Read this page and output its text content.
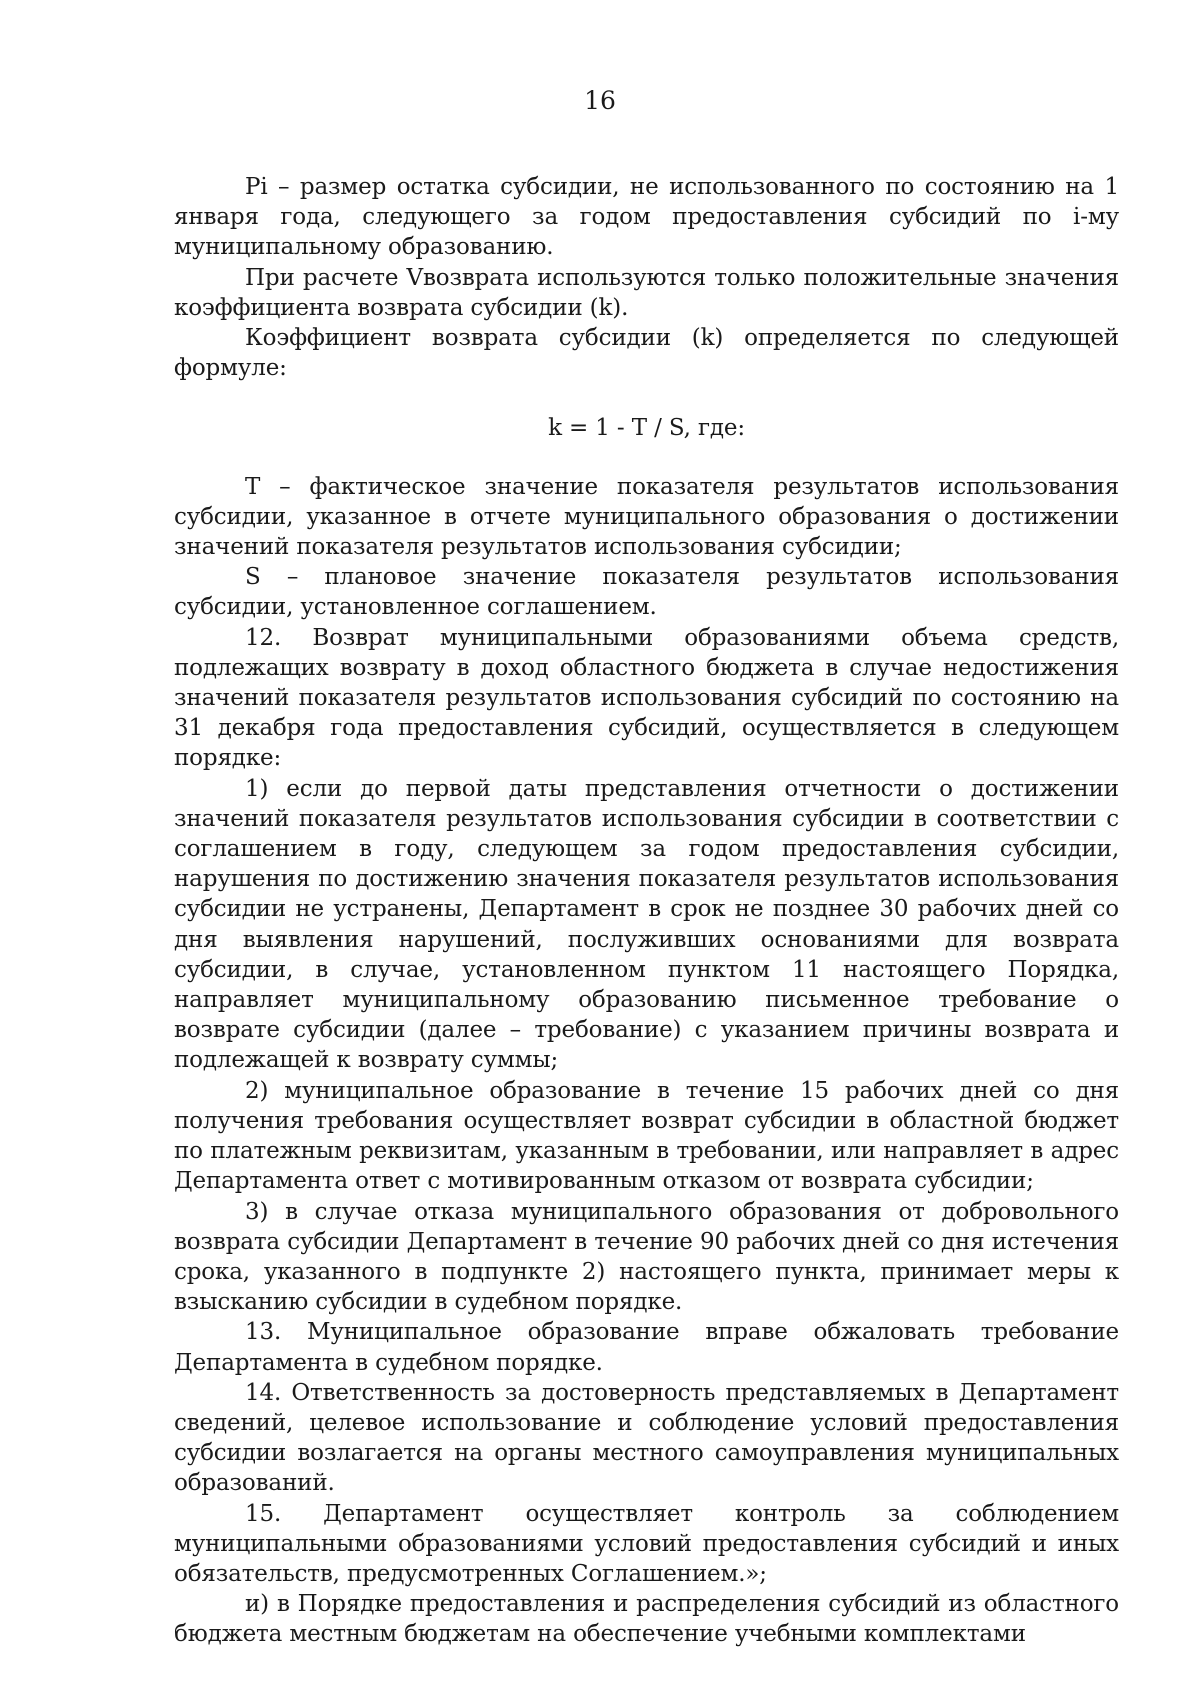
16

Pi – размер остатка субсидии, не использованного по состоянию на 1 января года, следующего за годом предоставления субсидий по i-му муниципальному образованию.

При расчете Vвозврата используются только положительные значения коэффициента возврата субсидии (k).

Коэффициент возврата субсидии (k) определяется по следующей формуле:

k = 1 - T / S, где:

T – фактическое значение показателя результатов использования субсидии, указанное в отчете муниципального образования о достижении значений показателя результатов использования субсидии;

S – плановое значение показателя результатов использования субсидии, установленное соглашением.

12. Возврат муниципальными образованиями объема средств, подлежащих возврату в доход областного бюджета в случае недостижения значений показателя результатов использования субсидий по состоянию на 31 декабря года предоставления субсидий, осуществляется в следующем порядке:

1) если до первой даты представления отчетности о достижении значений показателя результатов использования субсидии в соответствии с соглашением в году, следующем за годом предоставления субсидии, нарушения по достижению значения показателя результатов использования субсидии не устранены, Департамент в срок не позднее 30 рабочих дней со дня выявления нарушений, послуживших основаниями для возврата субсидии, в случае, установленном пунктом 11 настоящего Порядка, направляет муниципальному образованию письменное требование о возврате субсидии (далее – требование) с указанием причины возврата и подлежащей к возврату суммы;

2) муниципальное образование в течение 15 рабочих дней со дня получения требования осуществляет возврат субсидии в областной бюджет по платежным реквизитам, указанным в требовании, или направляет в адрес Департамента ответ с мотивированным отказом от возврата субсидии;

3) в случае отказа муниципального образования от добровольного возврата субсидии Департамент в течение 90 рабочих дней со дня истечения срока, указанного в подпункте 2) настоящего пункта, принимает меры к взысканию субсидии в судебном порядке.

13. Муниципальное образование вправе обжаловать требование Департамента в судебном порядке.

14. Ответственность за достоверность представляемых в Департамент сведений, целевое использование и соблюдение условий предоставления субсидии возлагается на органы местного самоуправления муниципальных образований.

15. Департамент осуществляет контроль за соблюдением муниципальными образованиями условий предоставления субсидий и иных обязательств, предусмотренных Соглашением.»;

и) в Порядке предоставления и распределения субсидий из областного бюджета местным бюджетам на обеспечение учебными комплектами
